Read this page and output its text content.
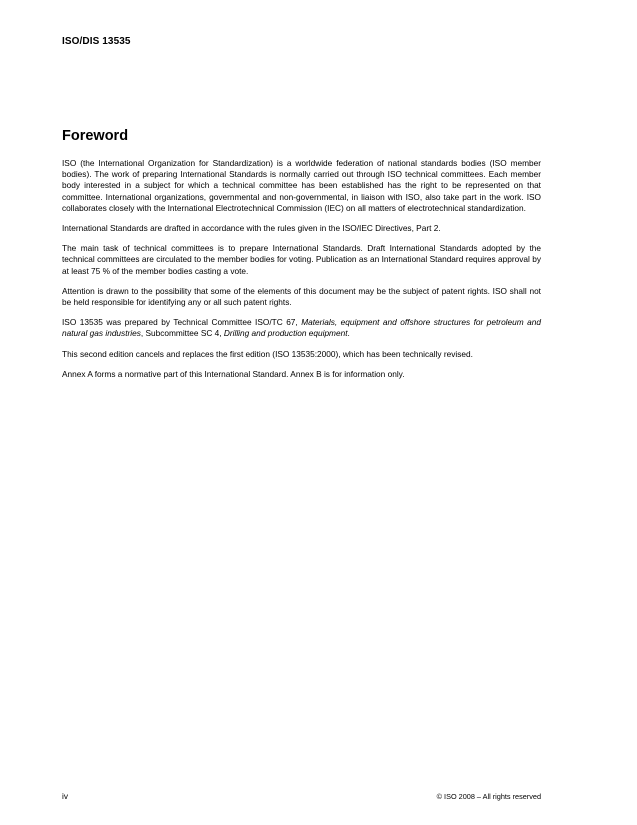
ISO/DIS 13535
Foreword

ISO (the International Organization for Standardization) is a worldwide federation of national standards bodies (ISO member bodies). The work of preparing International Standards is normally carried out through ISO technical committees. Each member body interested in a subject for which a technical committee has been established has the right to be represented on that committee. International organizations, governmental and non-governmental, in liaison with ISO, also take part in the work. ISO collaborates closely with the International Electrotechnical Commission (IEC) on all matters of electrotechnical standardization.

International Standards are drafted in accordance with the rules given in the ISO/IEC Directives, Part 2.

The main task of technical committees is to prepare International Standards. Draft International Standards adopted by the technical committees are circulated to the member bodies for voting. Publication as an International Standard requires approval by at least 75 % of the member bodies casting a vote.

Attention is drawn to the possibility that some of the elements of this document may be the subject of patent rights. ISO shall not be held responsible for identifying any or all such patent rights.

ISO 13535 was prepared by Technical Committee ISO/TC 67, Materials, equipment and offshore structures for petroleum and natural gas industries, Subcommittee SC 4, Drilling and production equipment.

This second edition cancels and replaces the first edition (ISO 13535:2000), which has been technically revised.

Annex A forms a normative part of this International Standard. Annex B is for information only.

iv	© ISO 2008 – All rights reserved
